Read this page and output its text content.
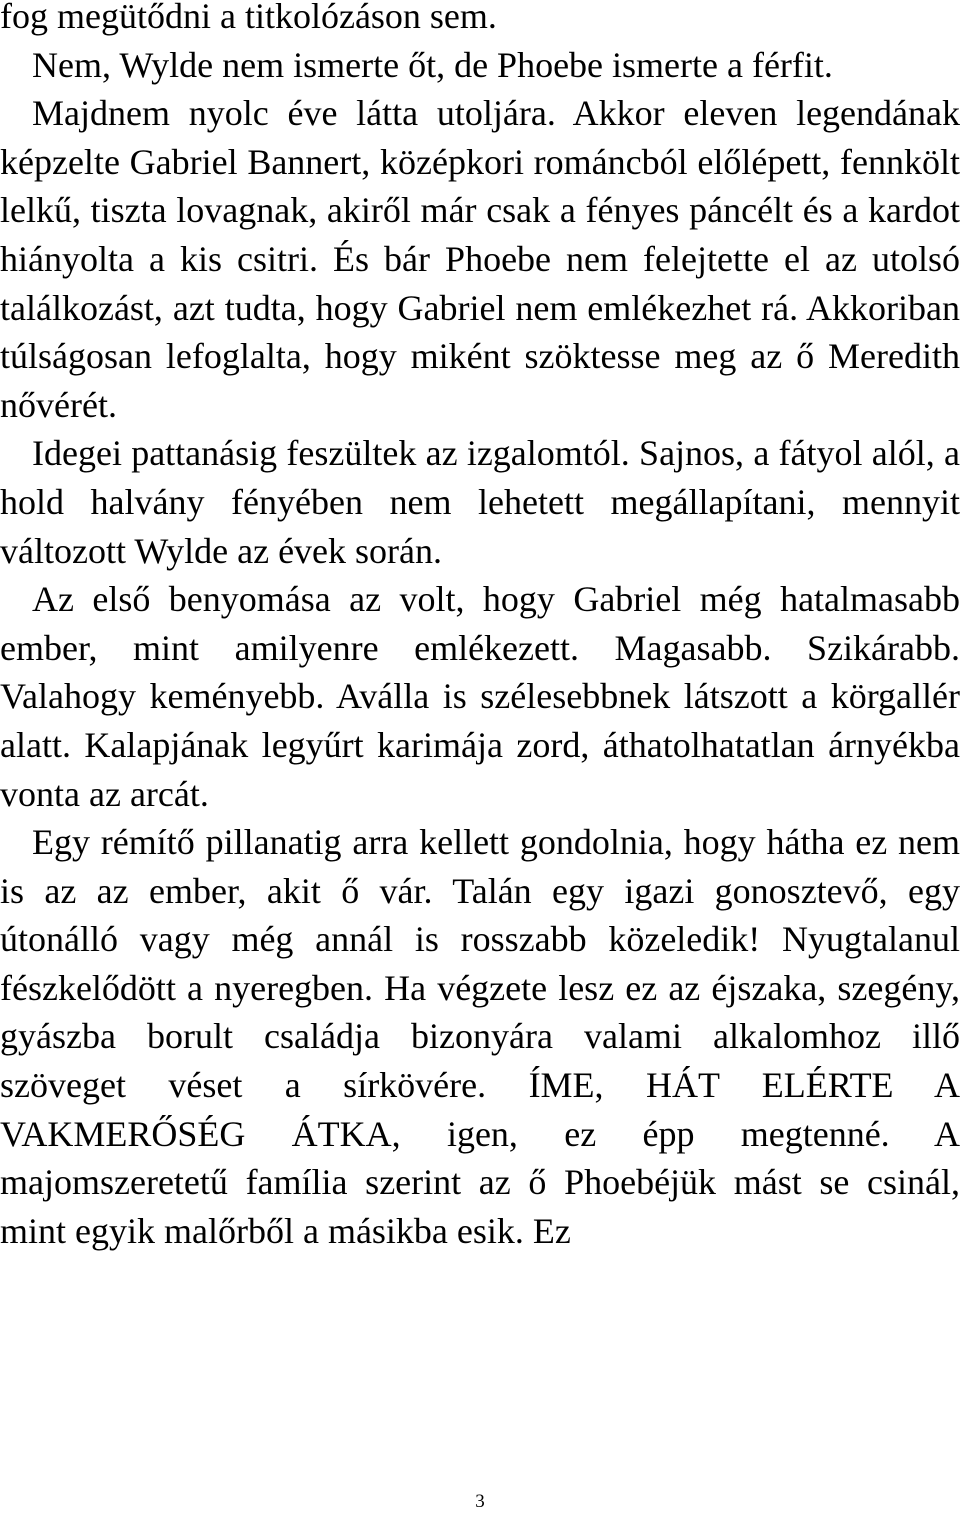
fog megütődni a titkolózáson sem.

Nem, Wylde nem ismerte őt, de Phoebe ismerte a férfit.

Majdnem nyolc éve látta utoljára. Akkor eleven legendának képzelte Gabriel Bannert, középkori románcból előlépett, fennkölt lelkű, tiszta lovagnak, akiről már csak a fényes páncélt és a kardot hiányolta a kis csitri. És bár Phoebe nem felejtette el az utolsó találkozást, azt tudta, hogy Gabriel nem emlékezhet rá. Akkoriban túlságosan lefoglalta, hogy miként szöktesse meg az ő Meredith nővérét.

Idegei pattanásig feszültek az izgalomtól. Sajnos, a fátyol alól, a hold halvány fényében nem lehetett megállapítani, mennyit változott Wylde az évek során.

Az első benyomása az volt, hogy Gabriel még hatalmasabb ember, mint amilyenre emlékezett. Magasabb. Szikárabb. Valahogy keményebb. Aválla is szélesebbnek látszott a körgallér alatt. Kalapjának legyűrt karimája zord, áthatolhatatlan árnyékba vonta az arcát.

Egy rémítő pillanatig arra kellett gondolnia, hogy hátha ez nem is az az ember, akit ő vár. Talán egy igazi gonosztevő, egy útonálló vagy még annál is rosszabb közeledik! Nyugtalanul fészkelődött a nyeregben. Ha végzete lesz ez az éjszaka, szegény, gyászba borult családja bizonyára valami alkalomhoz illő szöveget véset a sírkövére. ÍME, HÁT ELÉRTE A VAKMERŐSÉG ÁTKA, igen, ez épp megtenné. A majomszeretetű família szerint az ő Phoebéjük mást se csinál, mint egyik malőrből a másikba esik. Ez

3
